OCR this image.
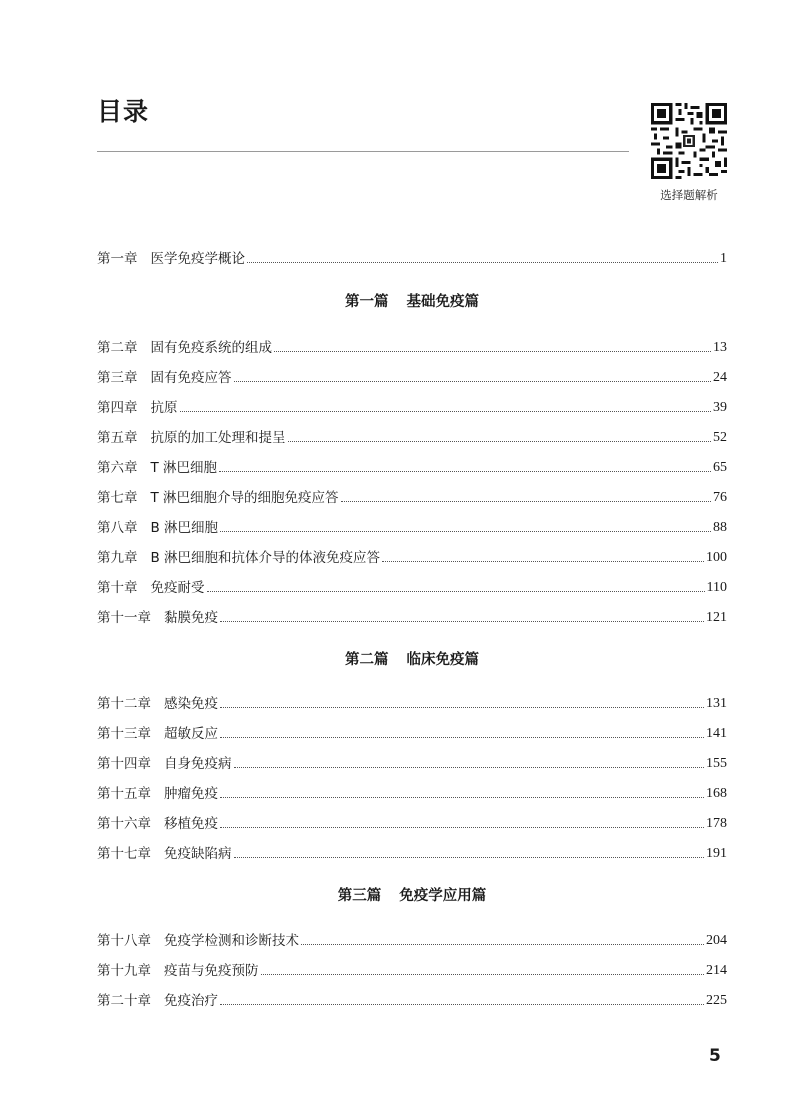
目录
选择题解析
第一章 医学免疫学概论	1
第一篇 基础免疫篇
第二章 固有免疫系统的组成	13
第三章 固有免疫应答	24
第四章 抗原	39
第五章 抗原的加工处理和提呈	52
第六章 T 淋巴细胞	65
第七章 T 淋巴细胞介导的细胞免疫应答	76
第八章 B 淋巴细胞	88
第九章 B 淋巴细胞和抗体介导的体液免疫应答	100
第十章 免疫耐受	110
第十一章 黏膜免疫	121
第二篇 临床免疫篇
第十二章 感染免疫	131
第十三章 超敏反应	141
第十四章 自身免疫病	155
第十五章 肿瘤免疫	168
第十六章 移植免疫	178
第十七章 免疫缺陷病	191
第三篇 免疫学应用篇
第十八章 免疫学检测和诊断技术	204
第十九章 疫苗与免疫预防	214
第二十章 免疫治疗	225
5
